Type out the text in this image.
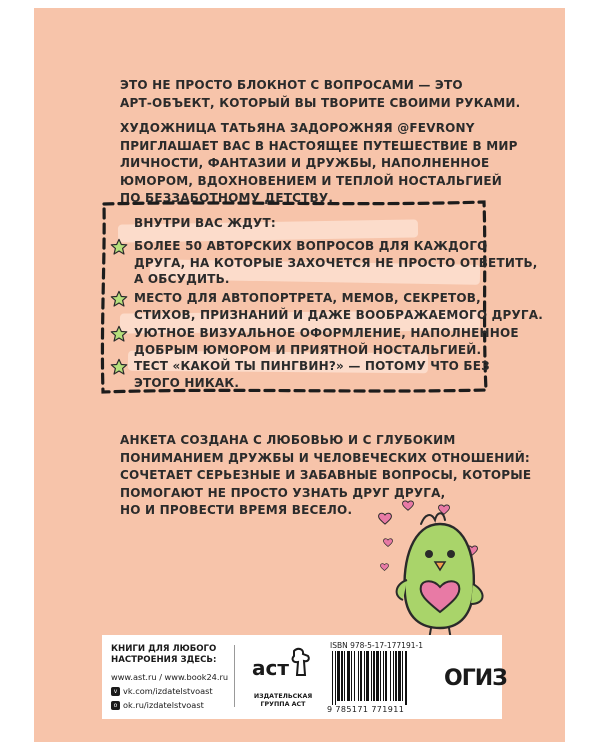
ЭТО НЕ ПРОСТО БЛОКНОТ С ВОПРОСАМИ — ЭТО
АРТ-ОБЪЕКТ, КОТОРЫЙ ВЫ ТВОРИТЕ СВОИМИ РУКАМИ.
ХУДОЖНИЦА ТАТЬЯНА ЗАДОРОЖНЯЯ @FEVRONY
ПРИГЛАШАЕТ ВАС В НАСТОЯЩЕЕ ПУТЕШЕСТВИЕ В МИР
ЛИЧНОСТИ, ФАНТАЗИИ И ДРУЖБЫ, НАПОЛНЕННОЕ
ЮМОРОМ, ВДОХНОВЕНИЕМ И ТЕПЛОЙ НОСТАЛЬГИЕЙ
ПО БЕЗЗАБОТНОМУ ДЕТСТВУ.
ВНУТРИ ВАС ЖДУТ:
БОЛЕЕ 50 АВТОРСКИХ ВОПРОСОВ ДЛЯ КАЖДОГО
ДРУГА, НА КОТОРЫЕ ЗАХОЧЕТСЯ НЕ ПРОСТО ОТВЕТИТЬ,
А ОБСУДИТЬ.
МЕСТО ДЛЯ АВТОПОРТРЕТА, МЕМОВ, СЕКРЕТОВ,
СТИХОВ, ПРИЗНАНИЙ И ДАЖЕ ВООБРАЖАЕМОГО ДРУГА.
УЮТНОЕ ВИЗУАЛЬНОЕ ОФОРМЛЕНИЕ, НАПОЛНЕННОЕ
ДОБРЫМ ЮМОРОМ И ПРИЯТНОЙ НОСТАЛЬГИЕЙ.
ТЕСТ «КАКОЙ ТЫ ПИНГВИН?» — ПОТОМУ ЧТО БЕЗ
ЭТОГО НИКАК.
АНКЕТА СОЗДАНА С ЛЮБОВЬЮ И С ГЛУБОКИМ
ПОНИМАНИЕМ ДРУЖБЫ И ЧЕЛОВЕЧЕСКИХ ОТНОШЕНИЙ:
СОЧЕТАЕТ СЕРЬЕЗНЫЕ И ЗАБАВНЫЕ ВОПРОСЫ, КОТОРЫЕ
ПОМОГАЮТ НЕ ПРОСТО УЗНАТЬ ДРУГ ДРУГА,
НО И ПРОВЕСТИ ВРЕМЯ ВЕСЕЛО.
КНИГИ ДЛЯ ЛЮБОГО
НАСТРОЕНИЯ ЗДЕСЬ:
www.ast.ru / www.book24.ru
v vk.com/izdatelstvoast
o ok.ru/izdatelstvoast
аст
ИЗДАТЕЛЬСКАЯ
ГРУППА АСТ
ISBN 978-5-17-177191-1
9 785171 771911
ОГИЗ
